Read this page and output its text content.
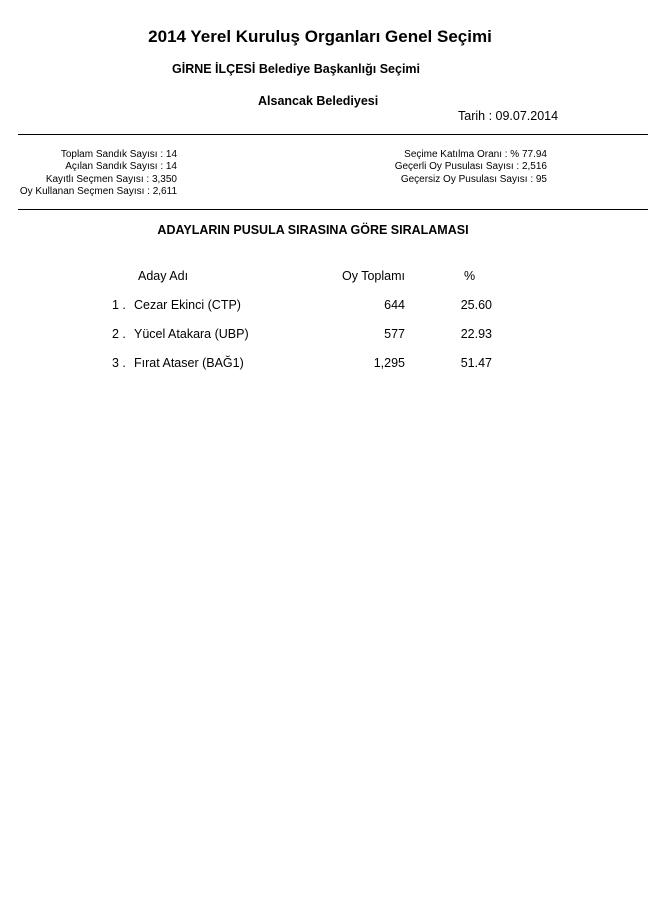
2014 Yerel Kuruluş Organları Genel Seçimi
GİRNE İLÇESİ Belediye Başkanlığı Seçimi
Alsancak Belediyesi
Tarih : 09.07.2014
Toplam Sandık Sayısı : 14
Açılan Sandık Sayısı : 14
Kayıtlı Seçmen Sayısı : 3,350
Oy Kullanan Seçmen Sayısı : 2,611
Seçime Katılma Oranı : % 77.94
Geçerli Oy Pusulası Sayısı : 2,516
Geçersiz Oy Pusulası Sayısı : 95
ADAYLARIN PUSULA SIRASINA GÖRE SIRALAMASI
Aday Adı	Oy Toplamı	%
1 . Cezar Ekinci (CTP)	644	25.60
2 . Yücel Atakara (UBP)	577	22.93
3 . Fırat Ataser (BAĞ1)	1,295	51.47
